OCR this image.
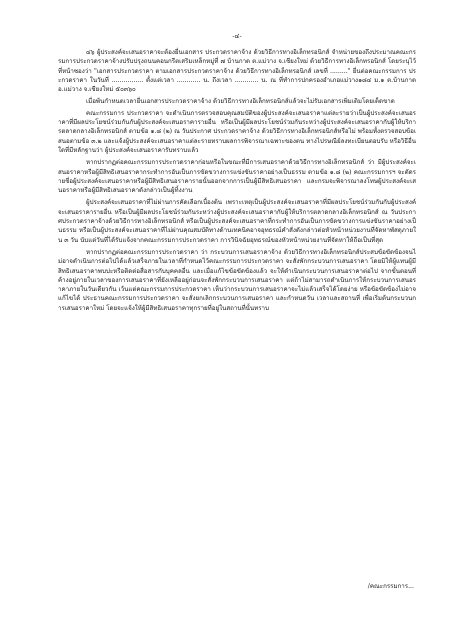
-๔-

๔๖ ผู้ประสงค์จะเสนอราคาจะต้องยื่นเอกสาร ประกวดราคาจ้าง ด้วยวิธีการทางอิเล็กทรอนิกส์ จำหน่ายของถึงประมาณคณะกรรมการประกวดราคาจ้างปรับปรุงถนนคอนกรีตเสริมเหล็กหมู่ที่ ๗ บ้านกาด ต.แม่วาง จ.เชียงใหม่ ด้วยวิธีการทางอิเล็กทรอนิกส์ โดยระบุไว้ที่หน้าซองว่า "เอกสารประกวดราคา ตามเอกสารประกวดราคาจ้าง ด้วยวิธีการทางอิเล็กทรอนิกส์ เลขที่ ........." ยื่นต่อคณะกรรมการ ประกวดราคา ในวันที่ ................ ตั้งแต่เวลา ............ น. ถึงเวลา ............ น. ณ ที่ทำการปกครองอำเภอแม่วาง๑๘๔ ม.๑ ต.บ้านกาด อ.แม่วาง จ.เชียงใหม่ ๕๐๓๖๐

เมื่อพ้นกำหนดเวลายื่นเอกสารประกวดราคาจ้าง ด้วยวิธีการทางอิเล็กทรอนิกส์แล้วจะไม่รับเอกสารเพิ่มเติมโดยเด็ดขาด

คณะกรรมการ ประกวดราคา จะดำเนินการตรวจสอบคุณสมบัติของผู้ประสงค์จะเสนอราคาแต่ละรายว่าเป็นผู้ประสงค์จะเสนอราคาที่มีผลประโยชน์ร่วมกันกับผู้ประสงค์จะเสนอราคารายอื่น หรือเป็นผู้มีผลประโยชน์ร่วมกันระหว่างผู้ประสงค์จะเสนอราคากับผู้ให้บริการตลาดกลางอิเล็กทรอนิกส์ ตามข้อ ๑.๘ (๒) ณ วันประกาศ ประกวดราคาจ้าง ด้วยวิธีการทางอิเล็กทรอนิกส์หรือไม่ พร้อมทั้งตรวจสอบข้อเสนอตามข้อ ๓.๒ และแจ้งผู้ประสงค์จะเสนอราคาแต่ละรายทราบผลการพิจารณาเฉพาะของตน ทางไปรษณีย์ลงทะเบียนตอบรับ หรือวิธีอื่นใดที่มีหลักฐานว่า ผู้ประสงค์จะเสนอราคารับทราบแล้ว

หากปรากฏต่อคณะกรรมการประกวดราคาก่อนหรือในขณะที่มีการเสนอราคาด้วยวิธีการทางอิเล็กทรอนิกส์ ว่า มีผู้ประสงค์จะเสนอราคาหรือผู้มีสิทธิเสนอราคากระทำการอันเป็นการขัดขวางการแข่งขันราคาอย่างเป็นธรรม ตามข้อ ๑.๘ (๒) คณะกรรมการฯ จะตัดรายชื่อผู้ประสงค์จะเสนอราคาหรือผู้มีสิทธิเสนอราคารายนั้นออกจากการเป็นผู้มีสิทธิเสนอราคา และกรมจะพิจารณาลงโทษผู้ประสงค์จะเสนอราคาหรือผู้มีสิทธิเสนอราคาดังกล่าวเป็นผู้ทิ้งงาน

ผู้ประสงค์จะเสนอราคาที่ไม่ผ่านการคัดเลือกเบื้องต้น เพราะเหตุเป็นผู้ประสงค์จะเสนอราคาที่มีผลประโยชน์ร่วมกันกับผู้ประสงค์จะเสนอราคารายอื่น หรือเป็นผู้มีผลประโยชน์ร่วมกันระหว่างผู้ประสงค์จะเสนอราคากับผู้ให้บริการตลาดกลางอิเล็กทรอนิกส์ ณ วันประกาศประกวดราคาจ้างด้วยวิธีการทางอิเล็กทรอนิกส์ หรือเป็นผู้ประสงค์จะเสนอราคาที่กระทำการอันเป็นการขัดขวางการแข่งขันราคาอย่างเป็นธรรม หรือเป็นผู้ประสงค์จะเสนอราคาที่ไม่ผ่านคุณสมบัติทางด้านเทคนิคอาจอุทธรณ์คำสั่งดังกล่าวต่อหัวหน้าหน่วยงานที่จัดหาพัสดุภายใน ๓ วัน นับแต่วันที่ได้รับแจ้งจากคณะกรรมการประกวดราคา การวินิจฉัยอุทธรณ์ของหัวหน้าหน่วยงานที่จัดหาให้ถือเป็นที่สุด

หากปรากฏต่อคณะกรรมการประกวดราคา ว่า กระบวนการเสนอราคาจ้าง ด้วยวิธีการทางอิเล็กทรอนิกส์ประสบข้อขัดข้องจนไม่อาจดำเนินการต่อไปได้แล้วเสร็จภายในเวลาที่กำหนดไว้คณะกรรมการประกวดราคา จะสั่งพักกระบวนการเสนอราคา โดยมิให้ผู้แทนผู้มีสิทธิเสนอราคาพบปะหรือติดต่อสื่อสารกับบุคคลอื่น และเมื่อแก้ไขข้อขัดข้องแล้ว จะให้ดำเนินกระบวนการเสนอราคาต่อไป จากขั้นตอนที่ค้างอยู่ภายในเวลาของการเสนอราคาที่ยังเหลืออยู่ก่อนจะสั่งพักกระบวนการเสนอราคา แต่ถ้าไม่สามารถดำเนินการให้กระบวนการเสนอราคาภายในวันเดียวกัน เว้นแต่คณะกรรมการประกวดราคา เห็นว่ากระบวนการเสนอราคาจะไม่แล้วเสร็จได้โดยง่าย หรือข้อขัดข้องไม่อาจแก้ไขได้ ประธานคณะกรรมการประกวดราคา จะสั่งยกเลิกกระบวนการเสนอราคา และกำหนดวัน เวลาและสถานที่ เพื่อเริ่มต้นกระบวนการเสนอราคาใหม่ โดยจะแจ้งให้ผู้มีสิทธิเสนอราคาทุกรายที่อยู่ในสถานที่นั้นทราบ

/คณะกรรมการ...
